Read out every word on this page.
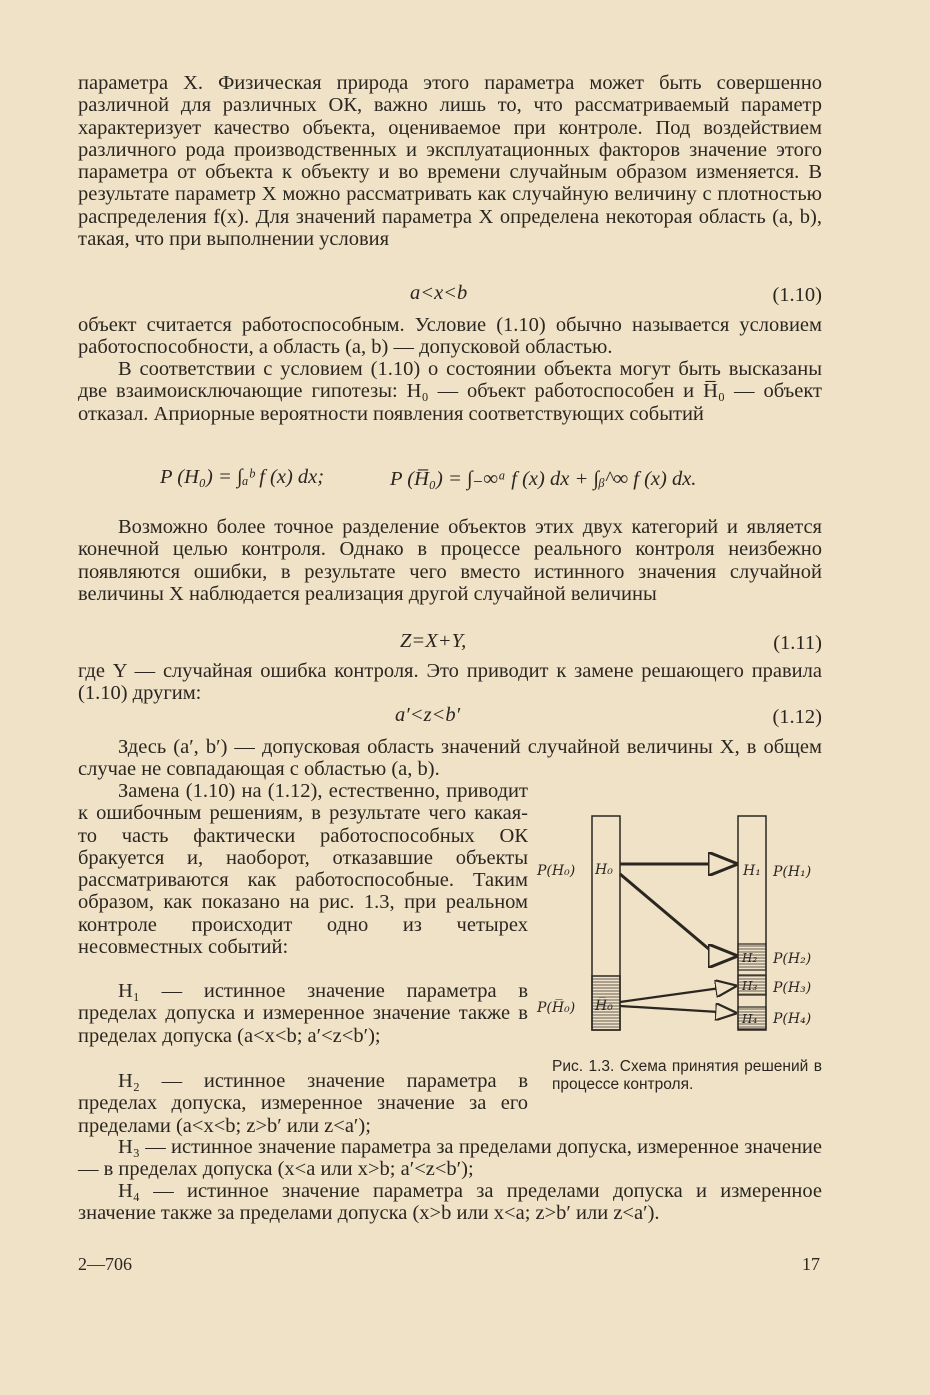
параметра X. Физическая природа этого параметра может быть совершенно различной для различных ОК, важно лишь то, что рассматриваемый параметр характеризует качество объекта, оцениваемое при контроле. Под воздействием различного рода производственных и эксплуатационных факторов значение этого параметра от объекта к объекту и во времени случайным образом изменяется. В результате параметр X можно рассматривать как случайную величину с плотностью распределения f(x). Для значений параметра X определена некоторая область (a, b), такая, что при выполнении условия

a<x<b	(1.10)

объект считается работоспособным. Условие (1.10) обычно называется условием работоспособности, а область (a, b) — допусковой областью.

В соответствии с условием (1.10) о состоянии объекта могут быть высказаны две взаимоисключающие гипотезы: H₀ — объект работоспособен и H̅₀ — объект отказал. Априорные вероятности появления соответствующих событий

P (H₀) = ∫ₐᵇ f (x) dx;	P (H̅₀) = ∫₋∞ᵃ f (x) dx + ∫ᵦ^∞ f (x) dx.

Возможно более точное разделение объектов этих двух категорий и является конечной целью контроля. Однако в процессе реального контроля неизбежно появляются ошибки, в результате чего вместо истинного значения случайной величины X наблюдается реализация другой случайной величины

Z=X+Y,	(1.11)

где Y — случайная ошибка контроля. Это приводит к замене решающего правила (1.10) другим:

a′<z<b′	(1.12)

Здесь (a′, b′) — допусковая область значений случайной величины X, в общем случае не совпадающая с областью (a, b).

Замена (1.10) на (1.12), естественно, приводит к ошибочным решениям, в результате чего какая-то часть фактически работоспособных ОК бракуется и, наоборот, отказавшие объекты рассматриваются как работоспособные. Таким образом, как показано на рис. 1.3, при реальном контроле происходит одно из четырех несовместных событий:

H₁ — истинное значение параметра в пределах допуска и измеренное значение также в пределах допуска (a<x<b; a′<z<b′);

H₂ — истинное значение параметра в пределах допуска, измеренное значение за его пределами (a<x<b; z>b′ или z<a′);

H₃ — истинное значение параметра за пределами допуска, измеренное значение — в пределах допуска (x<a или x>b; a′<z<b′);

H₄ — истинное значение параметра за пределами допуска и измеренное значение также за пределами допуска (x>b или x<a; z>b′ или z<a′).

P(H₀) H₀
P(H̅₀) H̅₀
H₁
H₂
H₃
H₄
P(H₁)
P(H₂)
P(H₃)
P(H₄)
Рис. 1.3. Схема принятия решений в процессе контроля.
2—706	17
